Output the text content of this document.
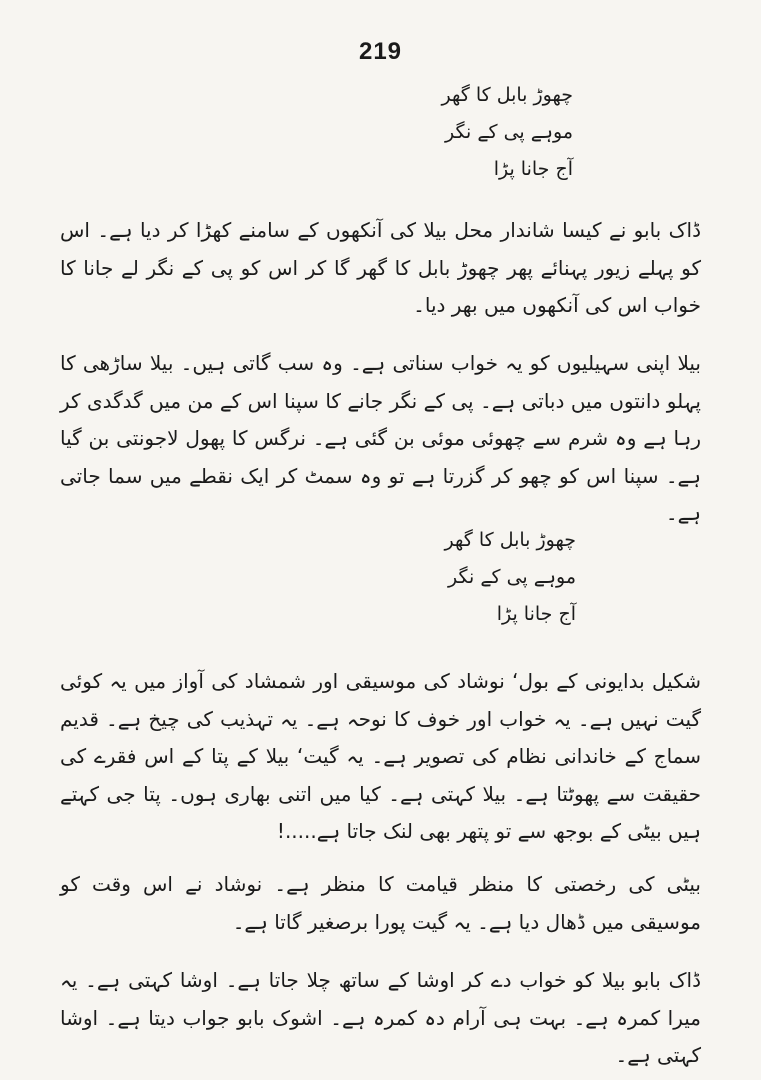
219
چھوڑ بابل کا گھر
موہے پی کے نگر
آج جانا پڑا
ڈاک بابو نے کیسا شاندار محل بیلا کی آنکھوں کے سامنے کھڑا کر دیا ہے۔ اس کو پہلے زیور پہنائے پھر چھوڑ بابل کا گھر گا کر اس کو پی کے نگر لے جانا کا خواب اس کی آنکھوں میں بھر دیا۔
بیلا اپنی سہیلیوں کو یہ خواب سناتی ہے۔ وہ سب گاتی ہیں۔ بیلا ساڑھی کا پہلو دانتوں میں دباتی ہے۔ پی کے نگر جانے کا سپنا اس کے من میں گدگدی کر رہا ہے وہ شرم سے چھوئی موئی بن گئی ہے۔ نرگس کا پھول لاجونتی بن گیا ہے۔ سپنا اس کو چھو کر گزرتا ہے تو وہ سمٹ کر ایک نقطے میں سما جاتی ہے۔
چھوڑ بابل کا گھر
موہے پی کے نگر
آج جانا پڑا
شکیل بدایونی کے بول‘ نوشاد کی موسیقی اور شمشاد کی آواز میں یہ کوئی گیت نہیں ہے۔ یہ خواب اور خوف کا نوحہ ہے۔ یہ تہذیب کی چیخ ہے۔ قدیم سماج کے خاندانی نظام کی تصویر ہے۔ یہ گیت‘ بیلا کے پتا کے اس فقرے کی حقیقت سے پھوٹتا ہے۔ بیلا کہتی ہے۔ کیا میں اتنی بھاری ہوں۔ پتا جی کہتے ہیں بیٹی کے بوجھ سے تو پتھر بھی لنک جاتا ہے.....!
بیٹی کی رخصتی کا منظر قیامت کا منظر ہے۔ نوشاد نے اس وقت کو موسیقی میں ڈھال دیا ہے۔ یہ گیت پورا برصغیر گاتا ہے۔
ڈاک بابو بیلا کو خواب دے کر اوشا کے ساتھ چلا جاتا ہے۔ اوشا کہتی ہے۔ یہ میرا کمرہ ہے۔ بہت ہی آرام دہ کمرہ ہے۔ اشوک بابو جواب دیتا ہے۔ اوشا کہتی ہے۔
